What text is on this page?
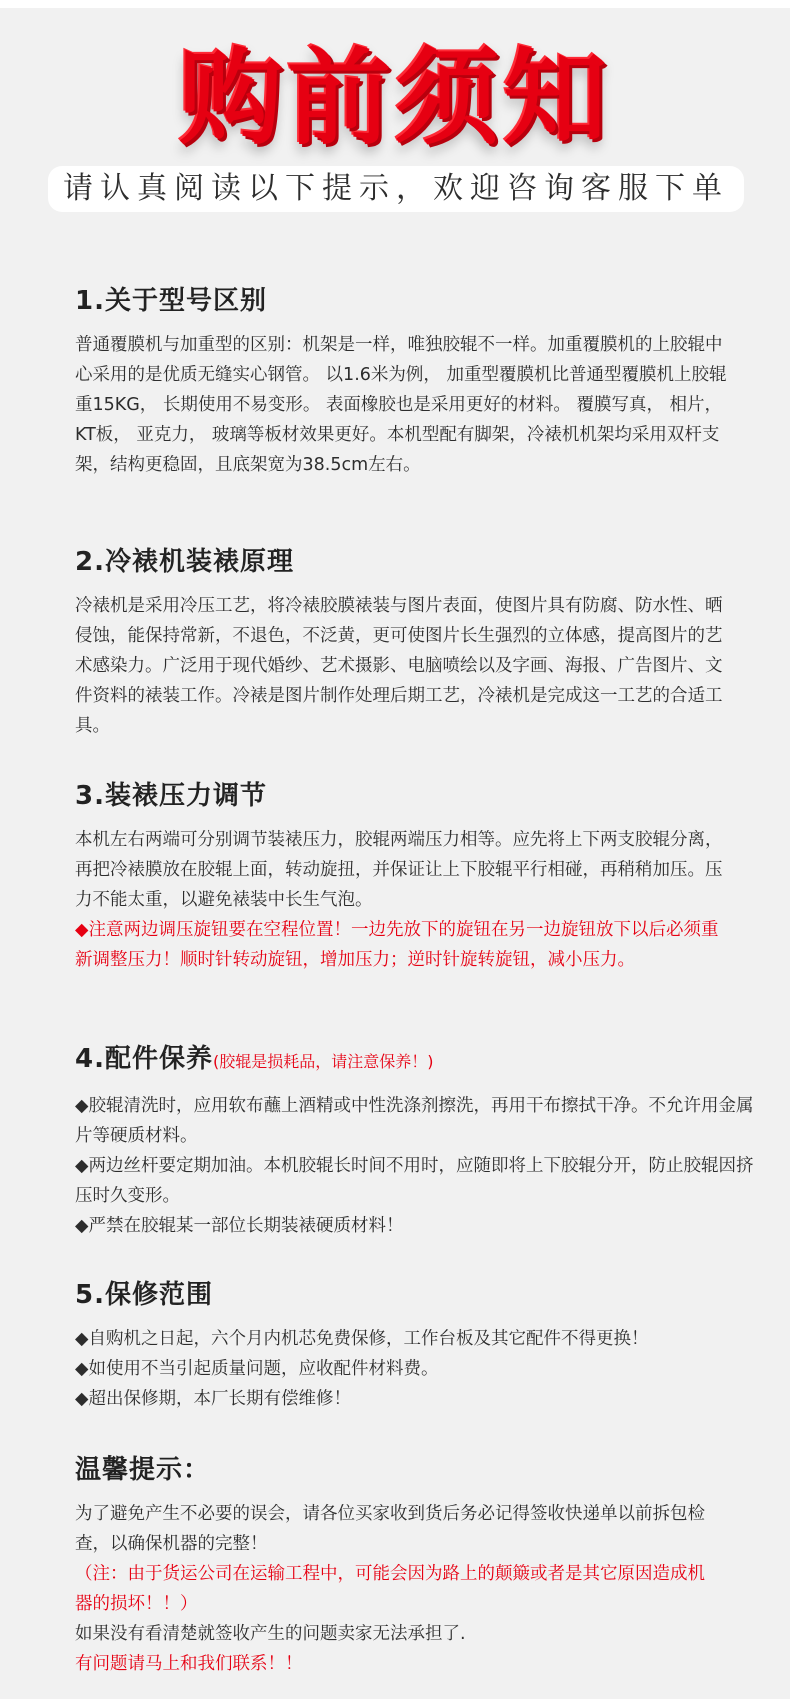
购前须知
请认真阅读以下提示，欢迎咨询客服下单
1.关于型号区别

普通覆膜机与加重型的区别：机架是一样，唯独胶辊不一样。加重覆膜机的上胶辊中心采用的是优质无缝实心钢管。 以1.6米为例， 加重型覆膜机比普通型覆膜机上胶辊重15KG， 长期使用不易变形。 表面橡胶也是采用更好的材料。 覆膜写真， 相片， KT板， 亚克力， 玻璃等板材效果更好。本机型配有脚架，冷裱机机架均采用双杆支架，结构更稳固，且底架宽为38.5cm左右。

2.冷裱机装裱原理

冷裱机是采用冷压工艺，将冷裱胶膜裱装与图片表面，使图片具有防腐、防水性、晒侵蚀，能保持常新，不退色，不泛黄，更可使图片长生强烈的立体感，提高图片的艺术感染力。广泛用于现代婚纱、艺术摄影、电脑喷绘以及字画、海报、广告图片、文件资料的裱装工作。冷裱是图片制作处理后期工艺，冷裱机是完成这一工艺的合适工具。

3.装裱压力调节

本机左右两端可分别调节装裱压力，胶辊两端压力相等。应先将上下两支胶辊分离，再把冷裱膜放在胶辊上面，转动旋扭，并保证让上下胶辊平行相碰，再稍稍加压。压力不能太重，以避免裱装中长生气泡。

◆注意两边调压旋钮要在空程位置！一边先放下的旋钮在另一边旋钮放下以后必须重新调整压力！顺时针转动旋钮，增加压力；逆时针旋转旋钮，减小压力。

4.配件保养(胶辊是损耗品，请注意保养！)

◆胶辊清洗时，应用软布蘸上酒精或中性洗涤剂擦洗，再用干布擦拭干净。不允许用金属片等硬质材料。

◆两边丝杆要定期加油。本机胶辊长时间不用时，应随即将上下胶辊分开，防止胶辊因挤压时久变形。

◆严禁在胶辊某一部位长期装裱硬质材料！

5.保修范围

◆自购机之日起，六个月内机芯免费保修，工作台板及其它配件不得更换！

◆如使用不当引起质量问题，应收配件材料费。

◆超出保修期，本厂长期有偿维修！

温馨提示：

为了避免产生不必要的误会，请各位买家收到货后务必记得签收快递单以前拆包检查，以确保机器的完整！

（注：由于货运公司在运输工程中，可能会因为路上的颠簸或者是其它原因造成机器的损坏！！）

如果没有看清楚就签收产生的问题卖家无法承担了.

有问题请马上和我们联系！！
